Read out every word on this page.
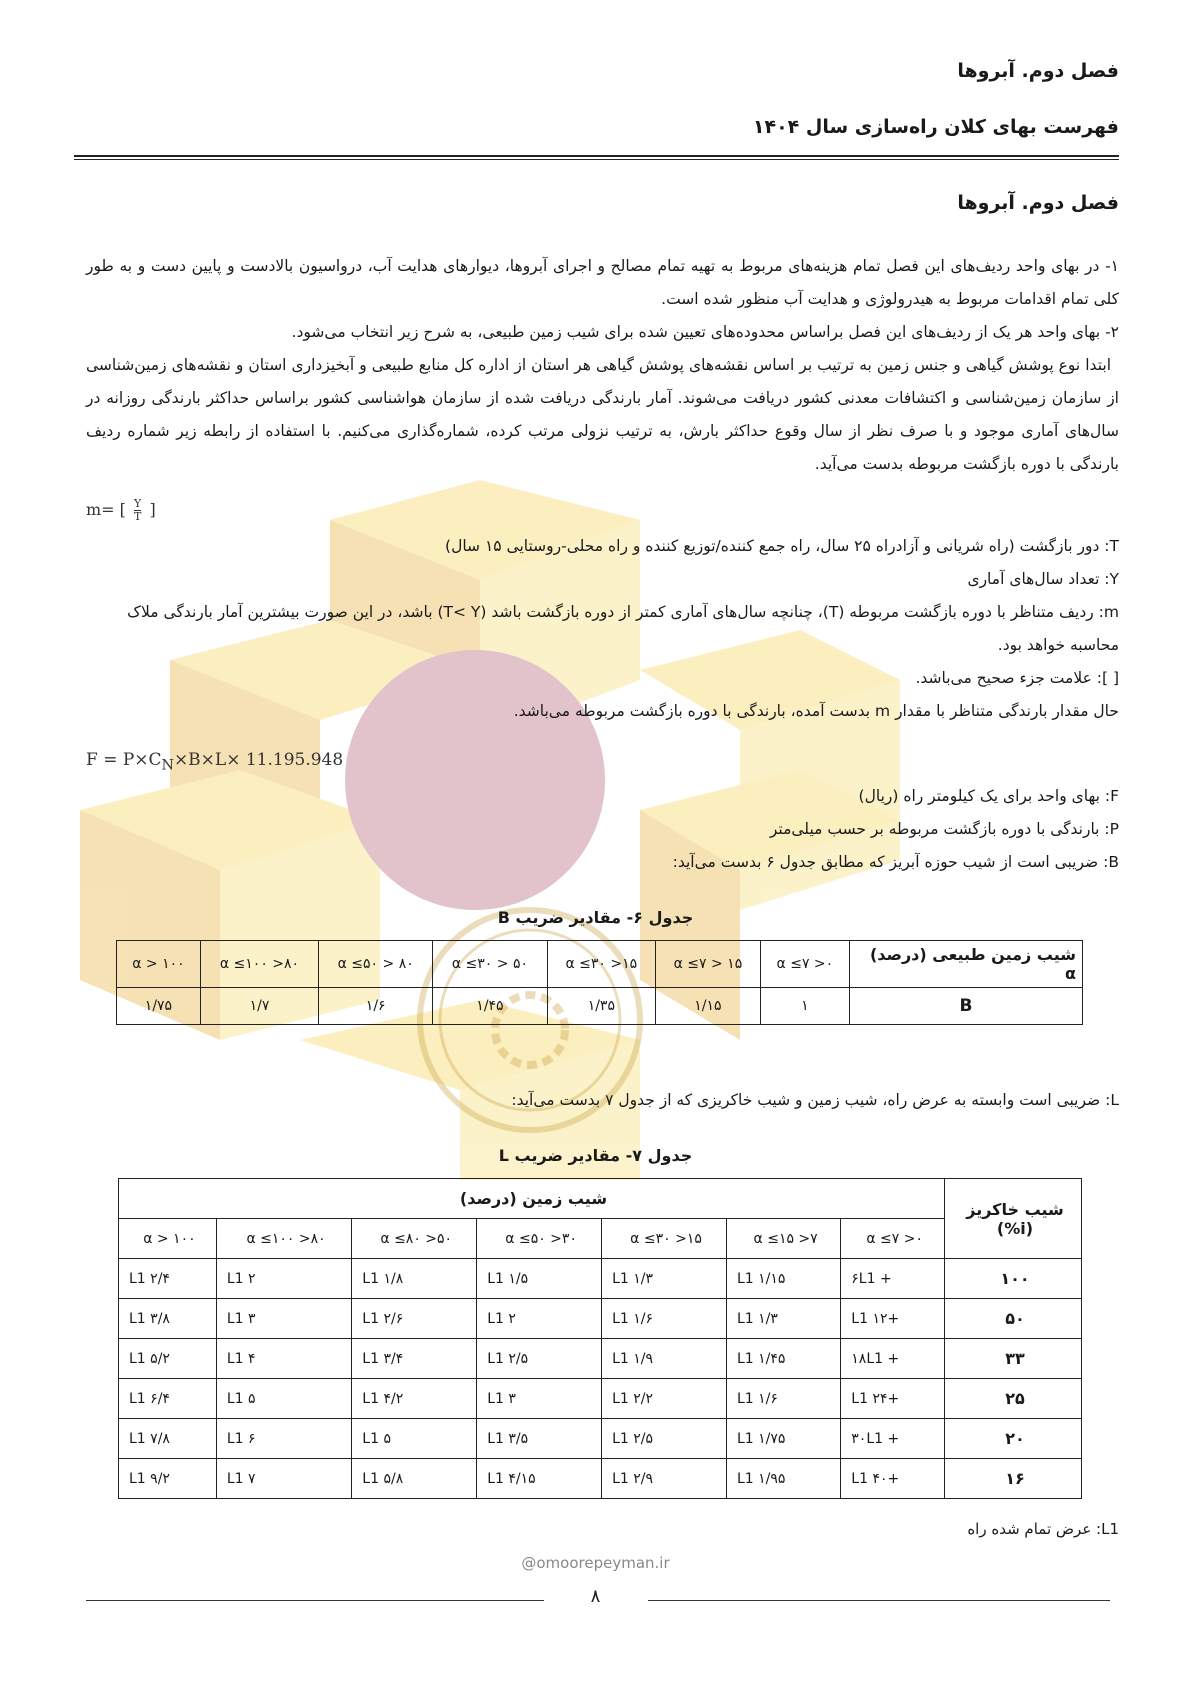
فصل دوم. آبروها
فهرست بهای کلان راه‌سازی سال ۱۴۰۴
فصل دوم. آبروها

۱- در بهای واحد ردیف‌های این فصل تمام هزینه‌های مربوط به تهیه تمام مصالح و اجرای آبروها، دیوارهای هدایت آب، درواسیون بالادست و پایین دست و به طور کلی تمام اقدامات مربوط به هیدرولوژی و هدایت آب منظور شده است.

۲- بهای واحد هر یک از ردیف‌های این فصل براساس محدوده‌های تعیین شده برای شیب زمین طبیعی، به شرح زیر انتخاب می‌شود.

ابتدا نوع پوشش گیاهی و جنس زمین به ترتیب بر اساس نقشه‌های پوشش گیاهی هر استان از اداره کل منابع طبیعی و آبخیزداری استان و نقشه‌های زمین‌شناسی از سازمان زمین‌شناسی و اکتشافات معدنی کشور دریافت می‌شوند. آمار بارندگی دریافت شده از سازمان هواشناسی کشور براساس حداکثر بارندگی روزانه در سال‌های آماری موجود و با صرف نظر از سال وقوع حداکثر بارش، به ترتیب نزولی مرتب کرده، شماره‌گذاری می‌کنیم. با استفاده از رابطه زیر شماره ردیف بارندگی با دوره بازگشت مربوطه بدست می‌آید.

m= [ $\frac{Y}{T}$ ]
T: دور بازگشت (راه شریانی و آزادراه ۲۵ سال، راه جمع کننده/توزیع کننده و راه محلی-روستایی ۱۵ سال)
Y: تعداد سال‌های آماری
m: ردیف متناظر با دوره بازگشت مربوطه (T)، چنانچه سال‌های آماری کمتر از دوره بازگشت باشد (T< Y) باشد، در این صورت بیشترین آمار بارندگی ملاک محاسبه خواهد بود.
[ ]: علامت جزء صحیح می‌باشد.
حال مقدار بارندگی متناظر با مقدار m بدست آمده، بارندگی با دوره بازگشت مربوطه می‌باشد.
$F = P\times C_N\times B\times L\times 11.195.948$
F: بهای واحد برای یک کیلومتر راه (ریال)
P: بارندگی با دوره بازگشت مربوطه بر حسب میلی‌متر
B: ضریبی است از شیب حوزه آبریز که مطابق جدول ۶ بدست می‌آید:
جدول ۶- مقادیر ضریب B
شیب زمین طبیعی (درصد) α	۰< α ≤۷	۱۵ < α ≤۷	۱۵< α ≤۳۰	۵۰ < α ≤۳۰	۸۰ < α ≤۵۰	۸۰< α ≤۱۰۰	α > ۱۰۰
B	۱	۱/۱۵	۱/۳۵	۱/۴۵	۱/۶	۱/۷	۱/۷۵
L: ضریبی است وابسته به عرض راه، شیب زمین و شیب خاکریزی که از جدول ۷ بدست می‌آید:
جدول ۷- مقادیر ضریب L
شیب خاکریز (i%)	شیب زمین (درصد)						
	۰< α ≤۷	۷< α ≤۱۵	۱۵< α ≤۳۰	۳۰< α ≤۵۰	۵۰< α ≤۸۰	۸۰< α ≤۱۰۰	α > ۱۰۰
۱۰۰	+ ۶L1	۱/۱۵ L1	۱/۳ L1	۱/۵ L1	۱/۸ L1	۲ L1	۲/۴ L1
۵۰	+L1 ۱۲	۱/۳ L1	۱/۶ L1	۲ L1	۲/۶ L1	۳ L1	۳/۸ L1
۳۳	+ ۱۸L1	۱/۴۵ L1	۱/۹ L1	۲/۵ L1	۳/۴ L1	۴ L1	۵/۲ L1
۲۵	+L1 ۲۴	۱/۶ L1	۲/۲ L1	۳ L1	۴/۲ L1	۵ L1	۶/۴ L1
۲۰	+ ۳۰L1	۱/۷۵ L1	۲/۵ L1	۳/۵ L1	۵ L1	۶ L1	۷/۸ L1
۱۶	+L1 ۴۰	۱/۹۵ L1	۲/۹ L1	۴/۱۵ L1	۵/۸ L1	۷ L1	۹/۲ L1
L1: عرض تمام شده راه
@omoorepeyman.ir
۸
